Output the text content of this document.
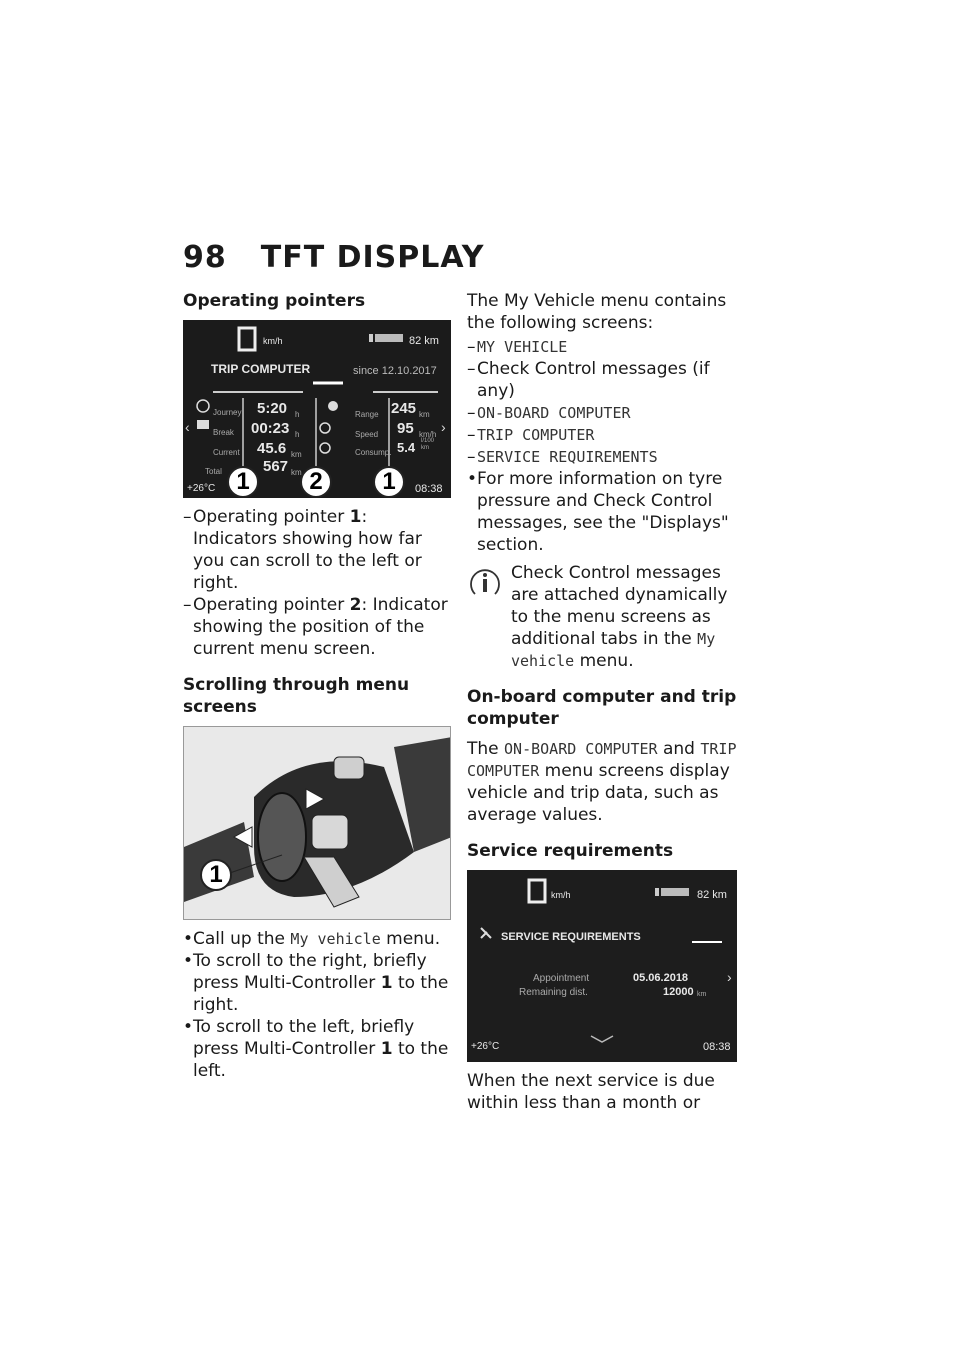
98 TFT DISPLAY
Operating pointers
‹	›
km/h	82 km
TRIP COMPUTER	since 12.10.2017
Journey 5:20 h
Break 00:23 h
Current 45.6 km
Total	567 km
Range 245 km
Speed 95 km/h
Consump. 5.4 l/100 km
+26°C	08:38
1	2	1
– Operating pointer 1: Indicators showing how far you can scroll to the left or right.
– Operating pointer 2: Indicator showing the position of the current menu screen.
Scrolling through menu screens
1
• Call up the My vehicle menu.
• To scroll to the right, briefly press Multi-Controller 1 to the right.
• To scroll to the left, briefly press Multi-Controller 1 to the left.

The My Vehicle menu contains the following screens:

– MY VEHICLE
– Check Control messages (if any)
– ON-BOARD COMPUTER
– TRIP COMPUTER
– SERVICE REQUIREMENTS
• For more information on tyre pressure and Check Control messages, see the "Displays" section.
Check Control messages are attached dynamically to the menu screens as additional tabs in the My vehicle menu.
On-board computer and trip computer

The ON-BOARD COMPUTER and TRIP COMPUTER menu screens display vehicle and trip data, such as average values.

Service requirements
›
km/h	82 km
SERVICE REQUIREMENTS
Appointment	05.06.2018
Remaining dist.	12000 km
+26°C	08:38

When the next service is due within less than a month or
